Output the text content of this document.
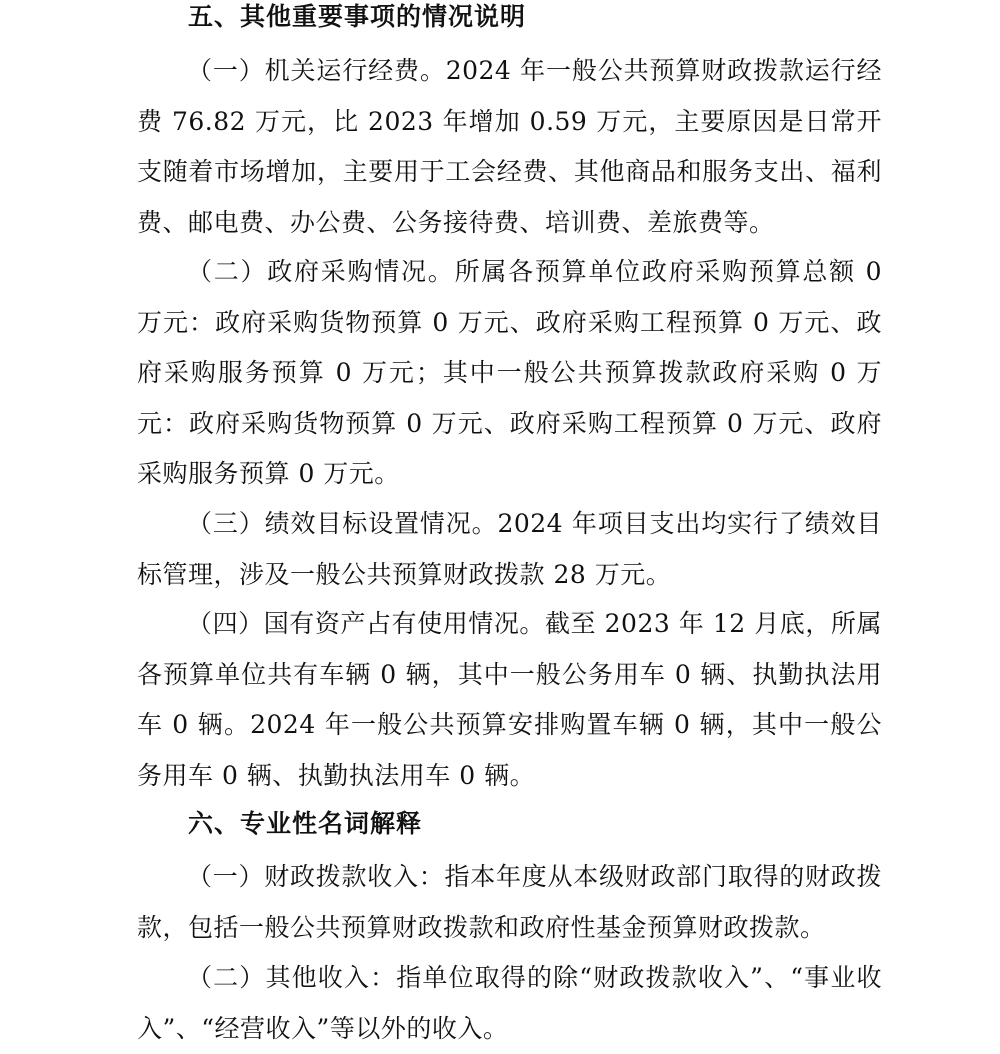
五、其他重要事项的情况说明

（一）机关运行经费。2024 年一般公共预算财政拨款运行经费 76.82 万元，比 2023 年增加 0.59 万元，主要原因是日常开支随着市场增加，主要用于工会经费、其他商品和服务支出、福利费、邮电费、办公费、公务接待费、培训费、差旅费等。

（二）政府采购情况。所属各预算单位政府采购预算总额 0 万元：政府采购货物预算 0 万元、政府采购工程预算 0 万元、政府采购服务预算 0 万元；其中一般公共预算拨款政府采购 0 万元：政府采购货物预算 0 万元、政府采购工程预算 0 万元、政府采购服务预算 0 万元。

（三）绩效目标设置情况。2024 年项目支出均实行了绩效目标管理，涉及一般公共预算财政拨款 28 万元。

（四）国有资产占有使用情况。截至 2023 年 12 月底，所属各预算单位共有车辆 0 辆，其中一般公务用车 0 辆、执勤执法用车 0 辆。2024 年一般公共预算安排购置车辆 0 辆，其中一般公务用车 0 辆、执勤执法用车 0 辆。

六、专业性名词解释

（一）财政拨款收入：指本年度从本级财政部门取得的财政拨款，包括一般公共预算财政拨款和政府性基金预算财政拨款。

（二）其他收入：指单位取得的除“财政拨款收入”、“事业收入”、“经营收入”等以外的收入。
